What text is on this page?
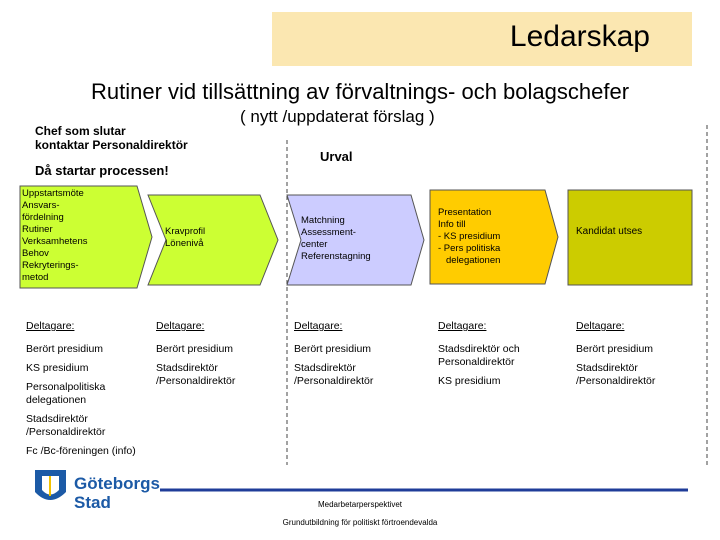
Ledarskap
Rutiner vid tillsättning av förvaltnings- och bolagschefer
( nytt /uppdaterat förslag )
Chef som slutar
kontaktar Personaldirektör
Urval
Då startar processen!
Uppstartsmöte
Ansvars-
fördelning
Rutiner
Verksamhetens
Behov
Rekryterings-
metod
Kravprofil
Lönenivå
Matchning
Assessment-
center
Referenstagning
Presentation
Info till
- KS presidium
- Pers politiska
delegationen
Kandidat utses
Deltagare:
Berört presidium
KS presidium
Personalpolitiska delegationen
Stadsdirektör /Personaldirektör
Fc /Bc-föreningen (info)
Deltagare:
Berört presidium
Stadsdirektör /Personaldirektör
Deltagare:
Berört presidium
Stadsdirektör /Personaldirektör
Deltagare:
Stadsdirektör och Personaldirektör
KS presidium
Deltagare:
Berört presidium
Stadsdirektör /Personaldirektör
Göteborgs
Stad	Medarbetarperspektivet
Grundutbildning för politiskt förtroendevalda
